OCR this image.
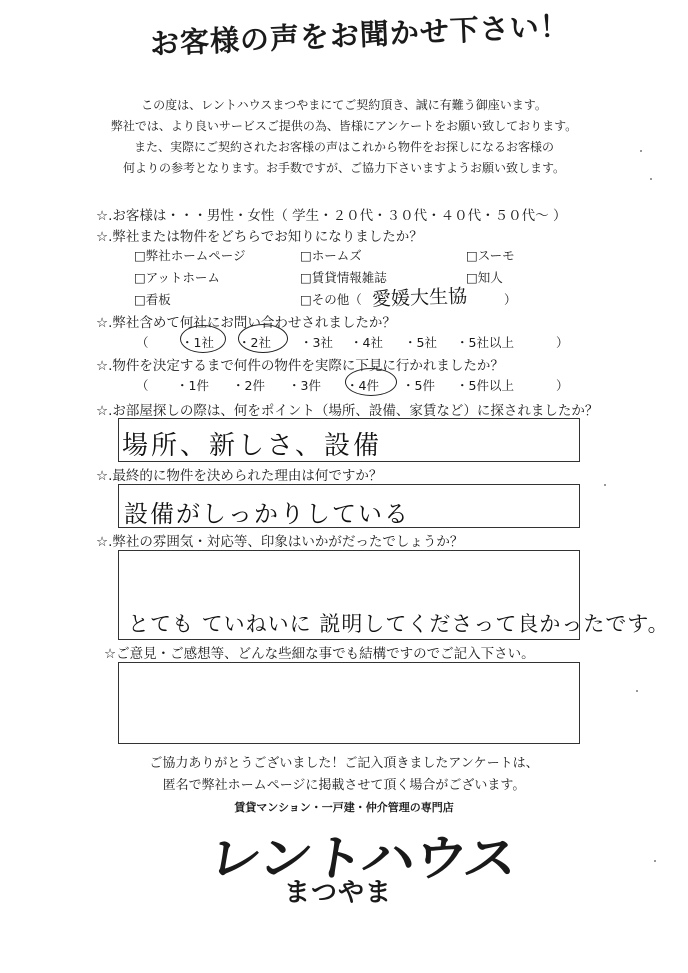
お客様の声をお聞かせ下さい！
この度は、レントハウスまつやまにてご契約頂き、誠に有難う御座います。
弊社では、より良いサービスご提供の為、皆様にアンケートをお願い致しております。
また、実際にご契約されたお客様の声はこれから物件をお探しになるお客様の
何よりの参考となります。お手数ですが、ご協力下さいますようお願い致します。
☆.お客様は・・・男性・女性（ 学生・２０代・３０代・４０代・５０代～ ）
☆.弊社または物件をどちらでお知りになりましたか？
□弊社ホームページ	□ホームズ	□スーモ
□アットホーム	□賃貸情報雑誌	□知人
□看板	□その他（ 愛媛大生協	）
☆.弊社含めて何社にお問い合わせされましたか？
（	・1社 ・2社 ・3社 ・4社 ・5社 ・5社以上	）
☆.物件を決定するまで何件の物件を実際に下見に行かれましたか？
（ ・1件 ・2件 ・3件 ・4件 ・5件 ・5件以上	）
☆.お部屋探しの際は、何をポイント（場所、設備、家賃など）に探されましたか？
場所、新しさ、設備
☆.最終的に物件を決められた理由は何ですか？
設備がしっかりしている
☆.弊社の雰囲気・対応等、印象はいかがだったでしょうか？
とても ていねいに 説明してくださって良かったです。
☆ご意見・ご感想等、どんな些細な事でも結構ですのでご記入下さい。
ご協力ありがとうございました！ご記入頂きましたアンケートは、
匿名で弊社ホームページに掲載させて頂く場合がございます。
賃貸マンション・一戸建・仲介管理の専門店
レントハウス
まつやま
